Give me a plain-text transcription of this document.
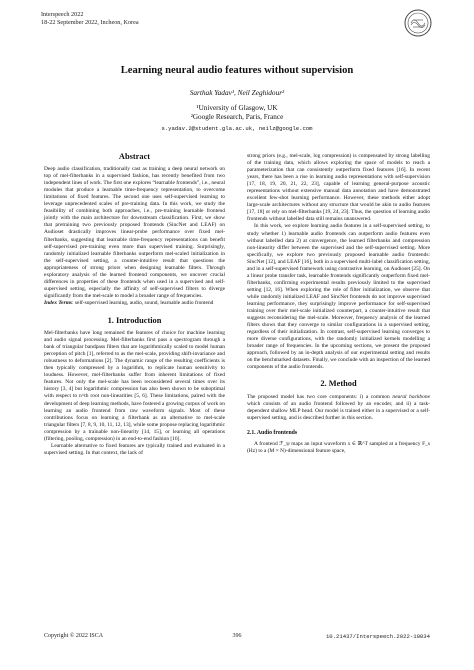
Interspeech 2022
18-22 September 2022, Incheon, Korea
Learning neural audio features without supervision
Sarthak Yadav¹, Neil Zeghidour²
¹University of Glasgow, UK
²Google Research, Paris, France
s.yadav.2@student.gla.ac.uk, neilz@google.com
Abstract

Deep audio classification, traditionally cast as training a deep neural network on top of mel-filterbanks in a supervised fashion, has recently benefited from two independent lines of work. The first one explores “learnable frontends”, i.e., neural modules that produce a learnable time-frequency representation, to overcome limitations of fixed features. The second one uses self-supervised learning to leverage unprecedented scales of pre-training data. In this work, we study the feasibility of combining both approaches, i.e., pre-training learnable frontend jointly with the main architecture for downstream classification. First, we show that pretraining two previously proposed frontends (SincNet and LEAF) on Audioset drastically improves linear-probe performance over fixed mel-filterbanks, suggesting that learnable time-frequency representations can benefit self-supervised pre-training even more than supervised training. Surprisingly, randomly initialized learnable filterbanks outperform mel-scaled initialization in the self-supervised setting, a counter-intuitive result that questions the appropriateness of strong priors when designing learnable filters. Through exploratory analysis of the learned frontend components, we uncover crucial differences in properties of these frontends when used in a supervised and self-supervised setting, especially the affinity of self-supervised filters to diverge significantly from the mel-scale to model a broader range of frequencies.

Index Terms: self-supervised learning, audio, sound, learnable audio frontend

1. Introduction

Mel-filterbanks have long remained the features of choice for machine learning and audio signal processing. Mel-filterbanks first pass a spectrogram through a bank of triangular bandpass filters that are logarithmically scaled to model human perception of pitch [1], referred to as the mel-scale, providing shift-invariance and robustness to deformations [2]. The dynamic range of the resulting coefficients is then typically compressed by a logarithm, to replicate human sensitivity to loudness. However, mel-filterbanks suffer from inherent limitations of fixed features. Not only the mel-scale has been reconsidered several times over its history [3, 4] but logarithmic compression has also been shown to be suboptimal with respect to n^th root non-linearities [5, 6]. These limitations, paired with the development of deep learning methods, have fostered a growing corpus of work on learning an audio frontend from raw waveform signals. Most of these contributions focus on learning a filterbank as an alternative to mel-scale triangular filters [7, 8, 9, 10, 11, 12, 13], while some propose replacing logarithmic compression by a trainable non-linearity [14, 15], or learning all operations (filtering, pooling, compression) in an end-to-end fashion [16].

Learnable alternative to fixed features are typically trained and evaluated in a supervised setting. In that context, the lack of

strong priors (e.g., mel-scale, log compression) is compensated by strong labelling of the training data, which allows exploring the space of models to reach a parameterization that can consistently outperform fixed features [16]. In recent years, there has been a rise in learning audio representations with self-supervision [17, 18, 19, 20, 21, 22, 23], capable of learning general-purpose acoustic representations without extensive manual data annotation and have demonstrated excellent few-shot learning performance. However, these methods either adopt large-scale architectures without any structure that would be akin to audio features [17, 18] or rely on mel-filterbanks [19, 24, 23]. Thus, the question of learning audio frontends without labelled data still remains unanswered.

In this work, we explore learning audio features in a self-supervised setting, to study whether 1) learnable audio frontends can outperform audio features even without labelled data 2) at convergence, the learned filterbanks and compression non-linearity differ between the supervised and the self-supervised setting. More specifically, we explore two previously proposed learnable audio frontends: SincNet [12], and LEAF [16], both in a supervised multi-label classification setting, and in a self-supervised framework using contrastive learning, on Audioset [25]. On a linear probe transfer task, learnable frontends significantly outperform fixed mel-filterbanks, confirming experimental results previously limited to the supervised setting [12, 16]. When exploring the role of filter initialization, we observe that while randomly initialized LEAF and SincNet frontends do not improve supervised learning performance, they surprisingly improve performance for self-supervised training over their mel-scale initialized counterpart, a counter-intuitive result that suggests reconsidering the mel-scale. Moreover, frequency analysis of the learned filters shows that they converge to similar configurations in a supervised setting, regardless of their initialization. In contrast, self-supervised learning converges to more diverse configurations, with the randomly initialized kernels modelling a broader range of frequencies. In the upcoming sections, we present the proposed approach, followed by an in-depth analysis of our experimental setting and results on the benchmarked datasets. Finally, we conclude with an inspection of the learned components of the audio frontends.

2. Method

The proposed model has two core components: i) a common neural backbone which consists of an audio frontend followed by an encoder, and ii) a task-dependent shallow MLP head. Our model is trained either in a supervised or a self-supervised setting, and is described further in this section.

2.1. Audio frontends

A frontend ℱ_ψ maps an input waveform x ∈ ℝ^T sampled at a frequency F_s (Hz) to a (M × N)-dimensional feature space,

Copyright © 2022 ISCA	396	10.21437/Interspeech.2022-10834
